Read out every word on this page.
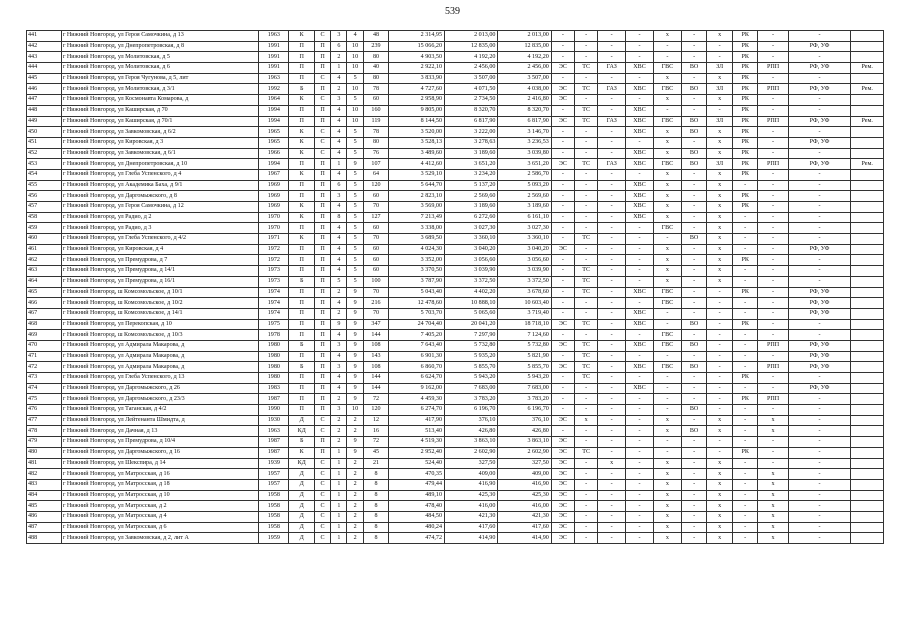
539
441	г Нижний Новгород, ул Героя Самочкина, д 13	1963	К	С	3	4	48	2 314,95	2 013,00	2 013,00	-	-	-	-	х	-	х	РК	-	-	
442	г Нижний Новгород, ул Днепропетровская, д 8	1991	П	П	6	10	239	15 066,20	12 835,00	12 835,00	-	-	-	-	-	-	-	РК	-	РФ, УФ	
443	г Нижний Новгород, ул Молитовская, д 5	1991	П	П	2	10	80	4 903,50	4 192,20	4 192,20	-	-	-	-	-	-	-	РК	-	-	
444	г Нижний Новгород, ул Молитовская, д 6	1991	П	П	1	10	40	2 922,10	2 456,00	2 456,00	ЭС	ТС	ГАЗ	ХВС	ГВС	ВО	ЗЛ	РК	РПП	РФ, УФ	Рем.
445	г Нижний Новгород, ул Героя Чугунова, д 5, лит	1963	П	С	4	5	80	3 833,90	3 507,00	3 507,00	-	-	-	-	х	-	х	РК	-	-	
446	г Нижний Новгород, ул Молитовская, д 3/1	1992	Б	П	2	10	78	4 727,60	4 071,50	4 038,00	ЭС	ТС	ГАЗ	ХВС	ГВС	ВО	ЗЛ	РК	РПП	РФ, УФ	Рем.
447	г Нижний Новгород, ул Космонавта Комарова, д	1964	К	С	3	5	60	2 958,90	2 734,50	2 416,80	ЭС	-	-	-	х	-	х	РК	-	-	
448	г Нижний Новгород, ул Каширская, д 70	1994	П	П	4	10	160	9 805,00	8 320,70	8 320,70	-	ТС	-	ХВС	-	-	-	РК	-	-	
449	г Нижний Новгород, ул Каширская, д 70/1	1994	П	П	4	10	119	8 144,50	6 817,90	6 817,90	ЭС	ТС	ГАЗ	ХВС	ГВС	ВО	ЗЛ	РК	РПП	РФ, УФ	Рем.
450	г Нижний Новгород, ул Завкомовская, д 6/2	1965	К	С	4	5	78	3 520,00	3 222,00	3 146,70	-	-	-	ХВС	х	ВО	х	РК	-	-	
451	г Нижний Новгород, ул Кировская, д 3	1965	К	С	4	5	80	3 528,13	3 278,63	3 236,53	-	-	-	-	х	-	х	РК	-	РФ, УФ	
452	г Нижний Новгород, ул Завкомовская, д 6/1	1966	К	С	4	5	76	3 489,60	3 189,60	3 039,80	-	-	-	ХВС	х	ВО	х	РК	-	-	
453	г Нижний Новгород, ул Днепропетровская, д 10	1994	П	П	1	9	107	4 412,60	3 651,20	3 651,20	ЭС	ТС	ГАЗ	ХВС	ГВС	ВО	ЗЛ	РК	РПП	РФ, УФ	Рем.
454	г Нижний Новгород, ул Глеба Успенского, д 4	1967	К	П	4	5	64	3 529,10	3 234,20	2 586,70	-	-	-	-	х	-	х	РК	-	-	
455	г Нижний Новгород, ул Академика Баха, д 9/1	1969	П	П	6	5	120	5 644,70	5 137,20	5 093,20	-	-	-	ХВС	х	-	х	-	-	-	
456	г Нижний Новгород, ул Даргомыжского, д 8	1969	П	П	3	5	60	2 823,10	2 569,60	2 569,60	-	-	-	ХВС	х	-	х	РК	-	-	
457	г Нижний Новгород, ул Героя Самочкина, д 12	1969	К	П	4	5	70	3 569,00	3 189,60	3 189,60	-	-	-	ХВС	х	-	х	РК	-	-	
458	г Нижний Новгород, ул Радио, д 2	1970	К	П	8	5	127	7 213,49	6 272,60	6 161,10	-	-	-	ХВС	х	-	х	-	-	-	
459	г Нижний Новгород, ул Радио, д 3	1970	П	П	4	5	60	3 338,00	3 027,30	3 027,30	-	-	-	-	ГВС	-	х	-	-	-	
460	г Нижний Новгород, ул Глеба Успенского, д 4/2	1971	К	П	4	5	70	3 689,50	3 360,10	3 360,10	-	ТС	-	-	-	ВО	х	-	-	-	
461	г Нижний Новгород, ул Кировская, д 4	1972	П	П	4	5	60	4 024,30	3 040,20	3 040,20	ЭС	-	-	-	х	-	х	-	-	РФ, УФ	
462	г Нижний Новгород, ул Премудрова, д 7	1972	П	П	4	5	60	3 352,00	3 056,60	3 056,60	-	-	-	-	х	-	х	РК	-	-	
463	г Нижний Новгород, ул Премудрова, д 14/1	1973	П	П	4	5	60	3 370,50	3 039,90	3 039,90	-	ТС	-	-	х	-	х	-	-	-	
464	г Нижний Новгород, ул Премудрова, д 16/1	1973	Б	П	5	5	100	3 787,90	3 372,50	3 372,50	-	ТС	-	-	х	-	х	-	-	-	
465	г Нижний Новгород, ш Комсомольское, д 10/1	1974	П	П	2	9	70	5 043,40	4 402,20	3 678,60	-	ТС	-	ХВС	ГВС	-	-	РК	-	РФ, УФ	
466	г Нижний Новгород, ш Комсомольское, д 10/2	1974	П	П	4	9	216	12 478,60	10 888,10	10 603,40	-	-	-	-	ГВС	-	-	-	-	РФ, УФ	
467	г Нижний Новгород, ш Комсомольское, д 14/1	1974	П	П	2	9	70	5 703,70	5 065,60	3 719,40	-	-	-	ХВС	-	-	-	-	-	РФ, УФ	
468	г Нижний Новгород, ул Перекопская, д 10	1975	П	П	9	9	347	24 704,40	20 041,20	18 718,10	ЭС	ТС	-	ХВС	-	ВО	-	РК	-	-	
469	г Нижний Новгород, ш Комсомольское, д 10/3	1978	П	П	4	9	144	7 405,20	7 297,90	7 124,60	-	-	-	-	ГВС	-	-	-	-	-	
470	г Нижний Новгород, ул Адмирала Макарова, д	1980	Б	П	3	9	108	7 643,40	5 732,80	5 732,80	ЭС	ТС	-	ХВС	ГВС	ВО	-	-	РПП	РФ, УФ	
471	г Нижний Новгород, ул Адмирала Макарова, д	1980	П	П	4	9	143	6 901,30	5 935,20	5 821,90	-	ТС	-	-	-	-	-	-	-	РФ, УФ	
472	г Нижний Новгород, ул Адмирала Макарова, д	1980	Б	П	3	9	108	6 860,70	5 855,70	5 855,70	ЭС	ТС	-	ХВС	ГВС	ВО	-	-	РПП	РФ, УФ	
473	г Нижний Новгород, ул Глеба Успенского, д 13	1980	П	П	4	9	144	6 624,70	5 943,20	5 943,20	-	ТС	-	-	-	-	-	РК	-	-	
474	г Нижний Новгород, ул Даргомыжского, д 26	1983	П	П	4	9	144	9 162,00	7 683,00	7 683,00	-	-	-	ХВС	-	-	-	-	-	РФ, УФ	
475	г Нижний Новгород, ул Даргомыжского, д 23/3	1987	П	П	2	9	72	4 459,30	3 783,20	3 783,20	-	-	-	-	-	-	-	РК	РПП	-	
476	г Нижний Новгород, ул Таганская, д 4/2	1990	П	П	3	10	120	6 274,70	6 196,70	6 196,70	-	-	-	-	-	ВО	-	-	-	-	
477	г Нижний Новгород, ул Лейтенанта Шмидта, д	1930	Д	С	2	2	12	417,90	376,10	376,10	ЭС	х	-	-	х	-	х	-	х	-	
478	г Нижний Новгород, ул Дачная, д 13	1963	КД	С	2	2	16	513,40	426,80	426,80	-	-	-	-	х	ВО	х	-	х	-	
479	г Нижний Новгород, ул Премудрова, д 10/4	1987	Б	П	2	9	72	4 519,30	3 863,10	3 863,10	ЭС	-	-	-	-	-	-	-	-	-	
480	г Нижний Новгород, ул Даргомыжского, д 16	1987	К	П	1	9	45	2 952,40	2 602,90	2 602,90	ЭС	ТС	-	-	-	-	-	РК	-	-	
481	г Нижний Новгород, ул Шекспира, д 14	1939	КД	С	1	2	21	524,40	327,50	327,50	ЭС	-	х	-	х	-	х	-	-	-	
482	г Нижний Новгород, ул Матросская, д 16	1957	Д	С	1	2	8	470,35	409,00	409,00	ЭС	-	-	-	х	-	х	-	х	-	
483	г Нижний Новгород, ул Матросская, д 18	1957	Д	С	1	2	8	479,44	416,90	416,90	ЭС	-	-	-	х	-	х	-	х	-	
484	г Нижний Новгород, ул Матросская, д 10	1958	Д	С	1	2	8	489,10	425,30	425,30	ЭС	-	-	-	х	-	х	-	х	-	
485	г Нижний Новгород, ул Матросская, д 2	1958	Д	С	1	2	8	478,40	416,00	416,00	ЭС	-	-	-	х	-	х	-	х	-	
486	г Нижний Новгород, ул Матросская, д 4	1958	Д	С	1	2	8	484,50	421,30	421,30	ЭС	-	-	-	х	-	х	-	х	-	
487	г Нижний Новгород, ул Матросская, д 6	1958	Д	С	1	2	8	480,24	417,60	417,60	ЭС	-	-	-	х	-	х	-	х	-	
488	г Нижний Новгород, ул Завкомовская, д 2, лит А	1959	Д	С	1	2	8	474,72	414,90	414,90	ЭС	-	-	-	х	-	х	-	х	-	
